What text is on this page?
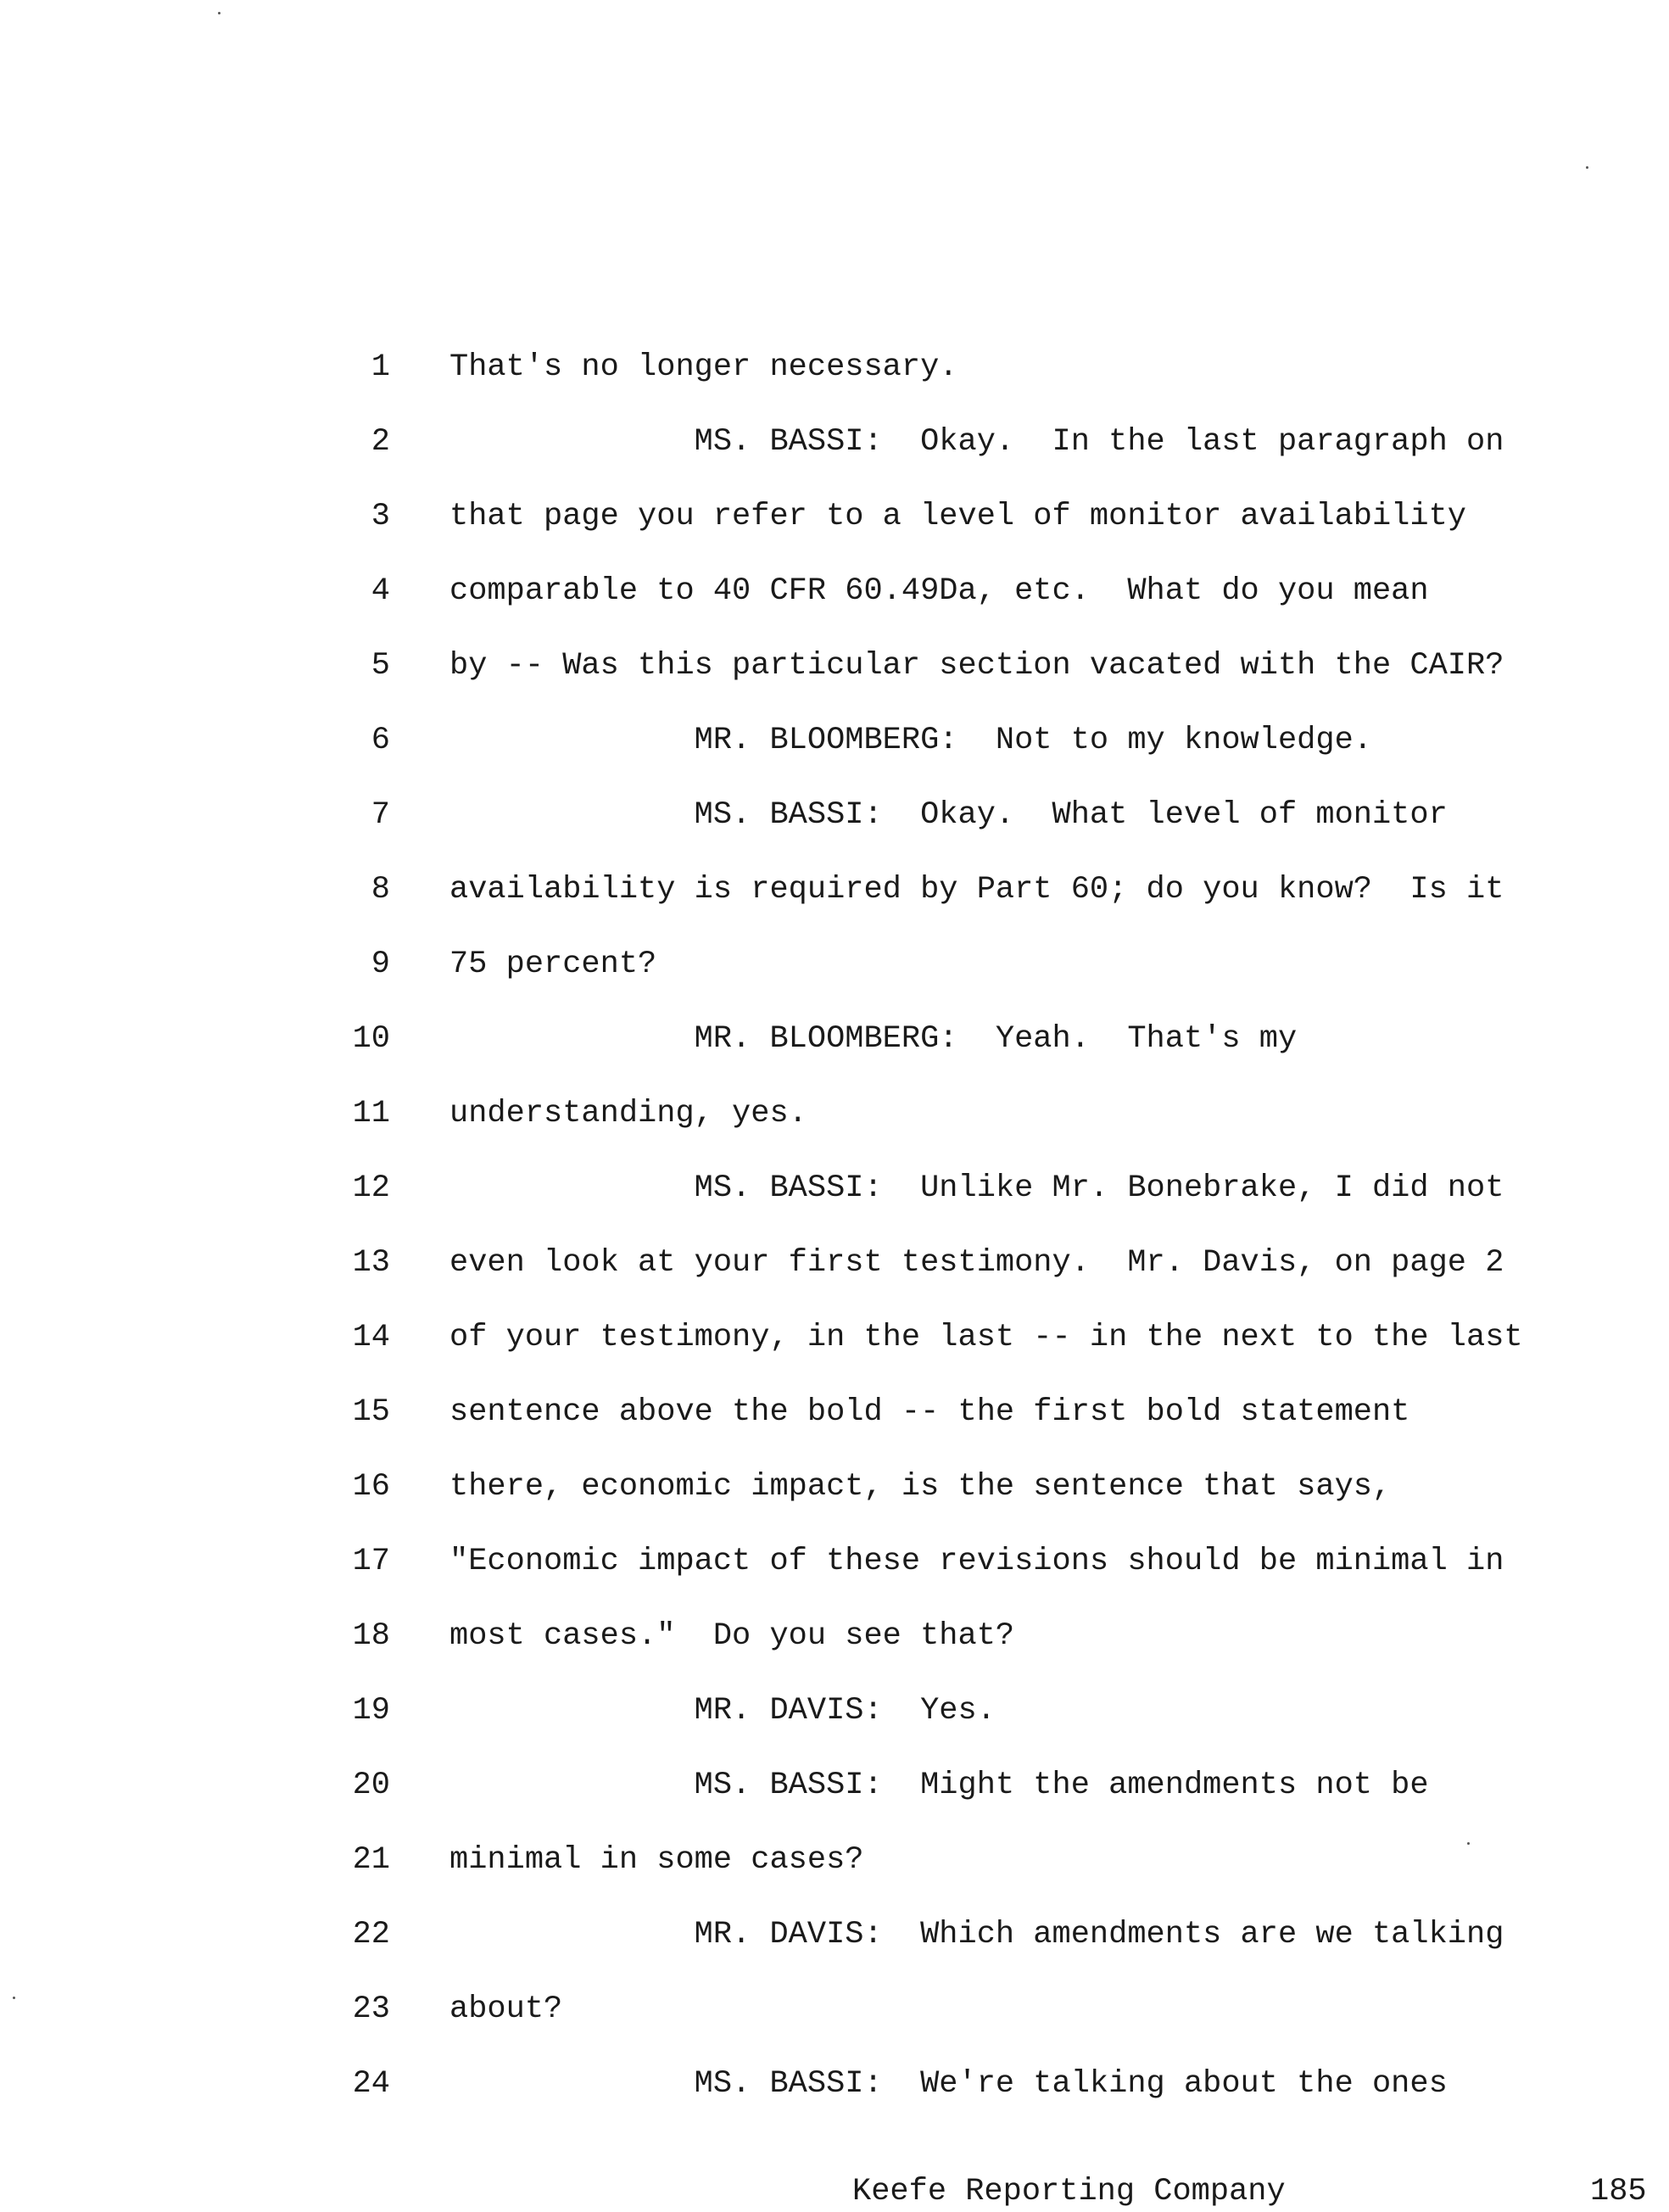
1 That's no longer necessary.
2 MS. BASSI:  Okay.  In the last paragraph on
3 that page you refer to a level of monitor availability
4 comparable to 40 CFR 60.49Da, etc.  What do you mean
5 by -- Was this particular section vacated with the CAIR?
6 MR. BLOOMBERG:  Not to my knowledge.
7 MS. BASSI:  Okay.  What level of monitor
8 availability is required by Part 60; do you know?  Is it
9 75 percent?
10 MR. BLOOMBERG:  Yeah.  That's my
11 understanding, yes.
12 MS. BASSI:  Unlike Mr. Bonebrake, I did not
13 even look at your first testimony.  Mr. Davis, on page 2
14 of your testimony, in the last -- in the next to the last
15 sentence above the bold -- the first bold statement
16 there, economic impact, is the sentence that says,
17 "Economic impact of these revisions should be minimal in
18 most cases."  Do you see that?
19 MR. DAVIS:  Yes.
20 MS. BASSI:  Might the amendments not be
21 minimal in some cases?
22 MR. DAVIS:  Which amendments are we talking
23 about?
24 MS. BASSI:  We're talking about the ones
Keefe Reporting Company	185
